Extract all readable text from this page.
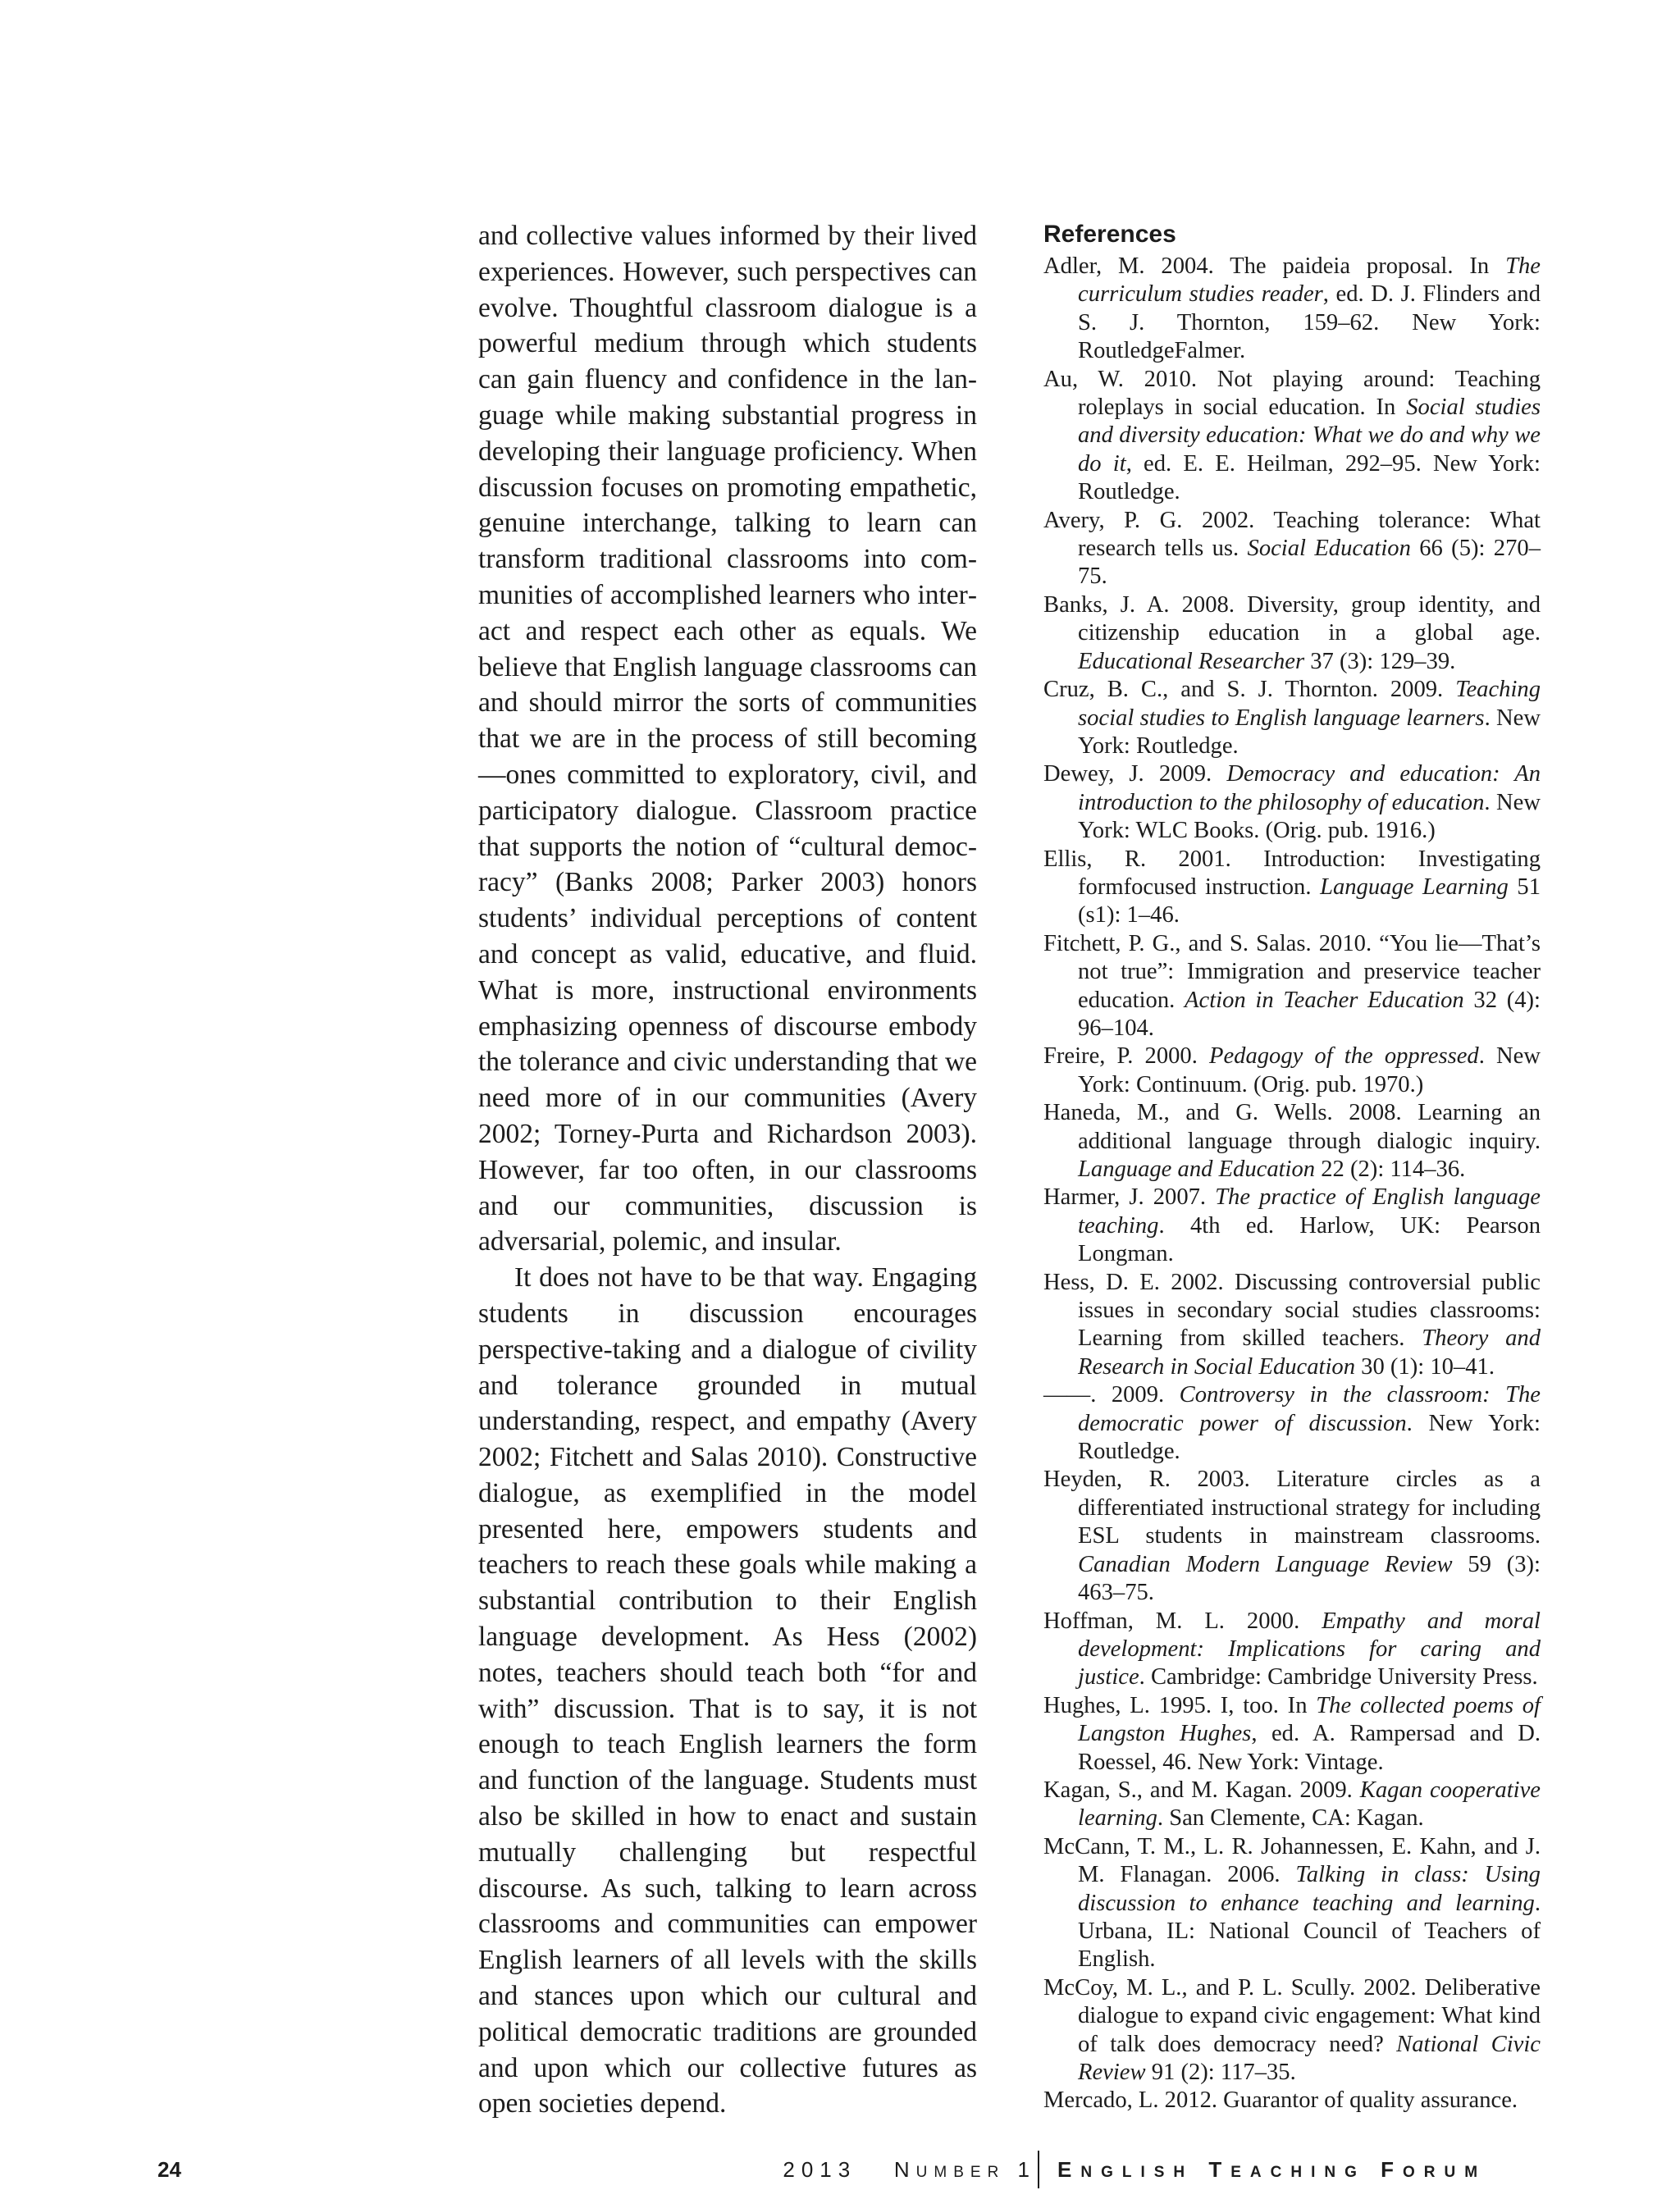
and collective values informed by their lived experiences. However, such perspectives can evolve. Thoughtful classroom dialogue is a powerful medium through which students can gain fluency and confidence in the language while making substantial progress in developing their language proficiency. When discussion focuses on promoting empathetic, genuine interchange, talking to learn can transform traditional classrooms into communities of accomplished learners who interact and respect each other as equals. We believe that English language classrooms can and should mirror the sorts of communities that we are in the process of still becoming—ones committed to exploratory, civil, and participatory dialogue. Classroom practice that supports the notion of “cultural democracy” (Banks 2008; Parker 2003) honors students’ individual perceptions of content and concept as valid, educative, and fluid. What is more, instructional environments emphasizing openness of discourse embody the tolerance and civic understanding that we need more of in our communities (Avery 2002; Torney-Purta and Richardson 2003). However, far too often, in our classrooms and our communities, discussion is adversarial, polemic, and insular.

It does not have to be that way. Engaging students in discussion encourages perspective-taking and a dialogue of civility and tolerance grounded in mutual understanding, respect, and empathy (Avery 2002; Fitchett and Salas 2010). Constructive dialogue, as exemplified in the model presented here, empowers students and teachers to reach these goals while making a substantial contribution to their English language development. As Hess (2002) notes, teachers should teach both “for and with” discussion. That is to say, it is not enough to teach English learners the form and function of the language. Students must also be skilled in how to enact and sustain mutually challenging but respectful discourse. As such, talking to learn across classrooms and communities can empower English learners of all levels with the skills and stances upon which our cultural and political democratic traditions are grounded and upon which our collective futures as open societies depend.

References

Adler, M. 2004. The paideia proposal. In The curriculum studies reader, ed. D. J. Flinders and S. J. Thornton, 159–62. New York: RoutledgeFalmer.

Au, W. 2010. Not playing around: Teaching roleplays in social education. In Social studies and diversity education: What we do and why we do it, ed. E. E. Heilman, 292–95. New York: Routledge.

Avery, P. G. 2002. Teaching tolerance: What research tells us. Social Education 66 (5): 270–75.

Banks, J. A. 2008. Diversity, group identity, and citizenship education in a global age. Educational Researcher 37 (3): 129–39.

Cruz, B. C., and S. J. Thornton. 2009. Teaching social studies to English language learners. New York: Routledge.

Dewey, J. 2009. Democracy and education: An introduction to the philosophy of education. New York: WLC Books. (Orig. pub. 1916.)

Ellis, R. 2001. Introduction: Investigating formfocused instruction. Language Learning 51 (s1): 1–46.

Fitchett, P. G., and S. Salas. 2010. “You lie—That’s not true”: Immigration and preservice teacher education. Action in Teacher Education 32 (4): 96–104.

Freire, P. 2000. Pedagogy of the oppressed. New York: Continuum. (Orig. pub. 1970.)

Haneda, M., and G. Wells. 2008. Learning an additional language through dialogic inquiry. Language and Education 22 (2): 114–36.

Harmer, J. 2007. The practice of English language teaching. 4th ed. Harlow, UK: Pearson Longman.

Hess, D. E. 2002. Discussing controversial public issues in secondary social studies classrooms: Learning from skilled teachers. Theory and Research in Social Education 30 (1): 10–41.

——. 2009. Controversy in the classroom: The democratic power of discussion. New York: Routledge.

Heyden, R. 2003. Literature circles as a differentiated instructional strategy for including ESL students in mainstream classrooms. Canadian Modern Language Review 59 (3): 463–75.

Hoffman, M. L. 2000. Empathy and moral development: Implications for caring and justice. Cambridge: Cambridge University Press.

Hughes, L. 1995. I, too. In The collected poems of Langston Hughes, ed. A. Rampersad and D. Roessel, 46. New York: Vintage.

Kagan, S., and M. Kagan. 2009. Kagan cooperative learning. San Clemente, CA: Kagan.

McCann, T. M., L. R. Johannessen, E. Kahn, and J. M. Flanagan. 2006. Talking in class: Using discussion to enhance teaching and learning. Urbana, IL: National Council of Teachers of English.

McCoy, M. L., and P. L. Scully. 2002. Deliberative dialogue to expand civic engagement: What kind of talk does democracy need? National Civic Review 91 (2): 117–35.

Mercado, L. 2012. Guarantor of quality assurance.

24	2013 NUMBER 1 ENGLISH TEACHING FORUM
